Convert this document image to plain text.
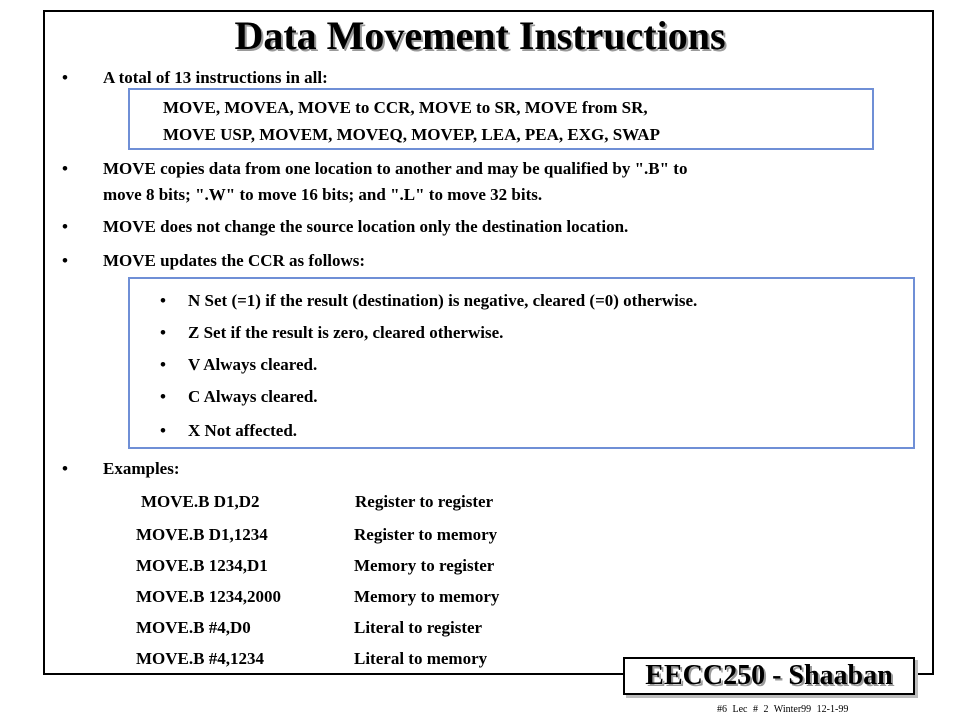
Data Movement Instructions
• A total of 13 instructions in all:
MOVE, MOVEA, MOVE to CCR, MOVE to SR, MOVE from SR,
MOVE USP, MOVEM, MOVEQ, MOVEP, LEA, PEA, EXG, SWAP
• MOVE copies data from one location to another and may be qualified by ".B" to
move 8 bits; ".W" to move 16 bits; and ".L" to move 32 bits.
• MOVE does not change the source location only the destination location.
• MOVE updates the CCR as follows:
• N Set (=1) if the result (destination) is negative, cleared (=0) otherwise.
• Z Set if the result is zero, cleared otherwise.
• V Always cleared.
• C Always cleared.
• X Not affected.
• Examples:
MOVE.B D1,D2	Register to register
MOVE.B D1,1234	Register to memory
MOVE.B 1234,D1	Memory to register
MOVE.B 1234,2000	Memory to memory
MOVE.B #4,D0	Literal to register
MOVE.B #4,1234	Literal to memory
EECC250 - Shaaban
#6 Lec # 2 Winter99 12-1-99
